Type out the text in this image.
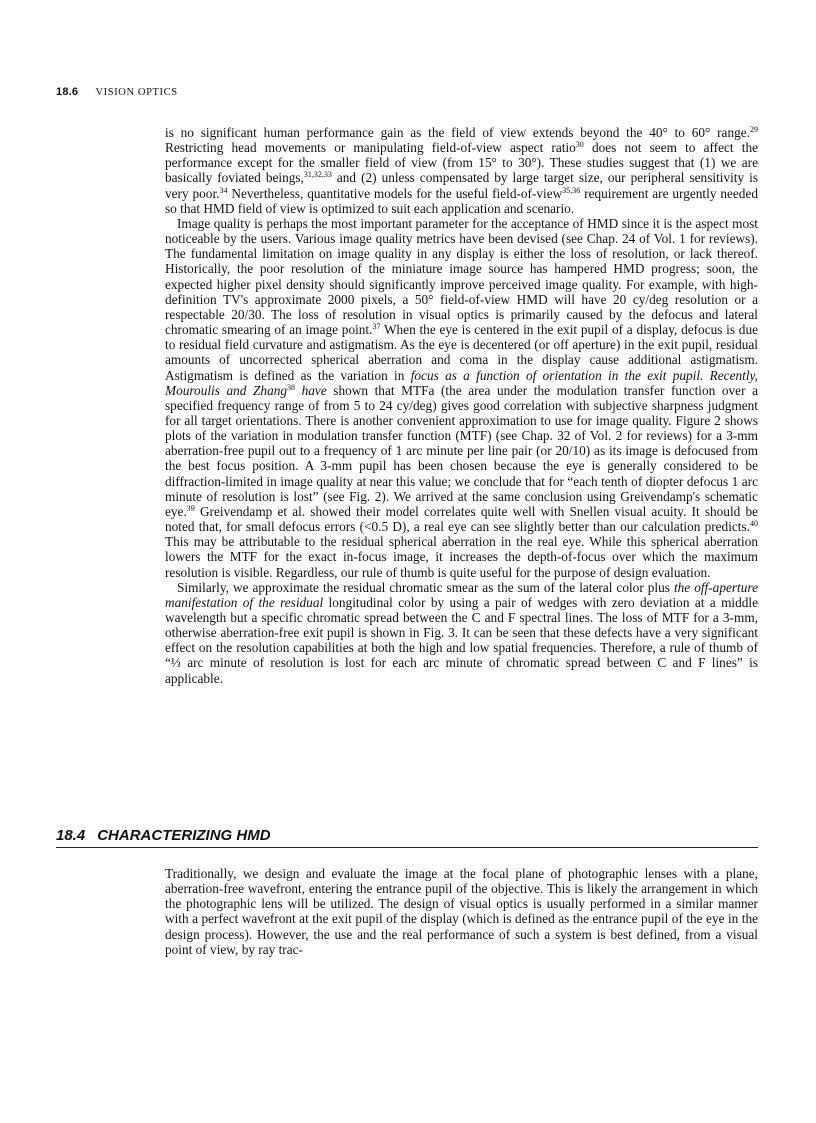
18.6 VISION OPTICS

is no significant human performance gain as the field of view extends beyond the 40° to 60° range.$^{29}$ Restricting head movements or manipulating field-of-view aspect ratio$^{30}$ does not seem to affect the performance except for the smaller field of view (from 15° to 30°). These studies suggest that (1) we are basically foviated beings,$^{31,32,33}$ and (2) unless compensated by large target size, our peripheral sensitivity is very poor.$^{34}$ Nevertheless, quantitative models for the useful field-of-view$^{35,36}$ requirement are urgently needed so that HMD field of view is optimized to suit each application and scenario.

Image quality is perhaps the most important parameter for the acceptance of HMD since it is the aspect most noticeable by the users. Various image quality metrics have been devised (see Chap. 24 of Vol. 1 for reviews). The fundamental limitation on image quality in any display is either the loss of resolution, or lack thereof. Historically, the poor resolution of the miniature image source has hampered HMD progress; soon, the expected higher pixel density should significantly improve perceived image quality. For example, with high-definition TV's approximate 2000 pixels, a 50° field-of-view HMD will have 20 cy/deg resolution or a respectable 20/30. The loss of resolution in visual optics is primarily caused by the defocus and lateral chromatic smearing of an image point.$^{37}$ When the eye is centered in the exit pupil of a display, defocus is due to residual field curvature and astigmatism. As the eye is decentered (or off aperture) in the exit pupil, residual amounts of uncorrected spherical aberration and coma in the display cause additional astigmatism. Astigmatism is defined as the variation in focus as a function of orientation in the exit pupil. Recently, Mouroulis and Zhang$^{38}$ have shown that MTFa (the area under the modulation transfer function over a specified frequency range of from 5 to 24 cy/deg) gives good correlation with subjective sharpness judgment for all target orientations. There is another convenient approximation to use for image quality. Figure 2 shows plots of the variation in modulation transfer function (MTF) (see Chap. 32 of Vol. 2 for reviews) for a 3-mm aberration-free pupil out to a frequency of 1 arc minute per line pair (or 20/10) as its image is defocused from the best focus position. A 3-mm pupil has been chosen because the eye is generally considered to be diffraction-limited in image quality at near this value; we conclude that for “each tenth of diopter defocus 1 arc minute of resolution is lost” (see Fig. 2). We arrived at the same conclusion using Greivendamp's schematic eye.$^{39}$ Greivendamp et al. showed their model correlates quite well with Snellen visual acuity. It should be noted that, for small defocus errors (<0.5 D), a real eye can see slightly better than our calculation predicts.$^{40}$ This may be attributable to the residual spherical aberration in the real eye. While this spherical aberration lowers the MTF for the exact in-focus image, it increases the depth-of-focus over which the maximum resolution is visible. Regardless, our rule of thumb is quite useful for the purpose of design evaluation.

Similarly, we approximate the residual chromatic smear as the sum of the lateral color plus the off-aperture manifestation of the residual longitudinal color by using a pair of wedges with zero deviation at a middle wavelength but a specific chromatic spread between the C and F spectral lines. The loss of MTF for a 3-mm, otherwise aberration-free exit pupil is shown in Fig. 3. It can be seen that these defects have a very significant effect on the resolution capabilities at both the high and low spatial frequencies. Therefore, a rule of thumb of “⅓ arc minute of resolution is lost for each arc minute of chromatic spread between C and F lines” is applicable.

18.4 CHARACTERIZING HMD

Traditionally, we design and evaluate the image at the focal plane of photographic lenses with a plane, aberration-free wavefront, entering the entrance pupil of the objective. This is likely the arrangement in which the photographic lens will be utilized. The design of visual optics is usually performed in a similar manner with a perfect wavefront at the exit pupil of the display (which is defined as the entrance pupil of the eye in the design process). However, the use and the real performance of such a system is best defined, from a visual point of view, by ray trac-
